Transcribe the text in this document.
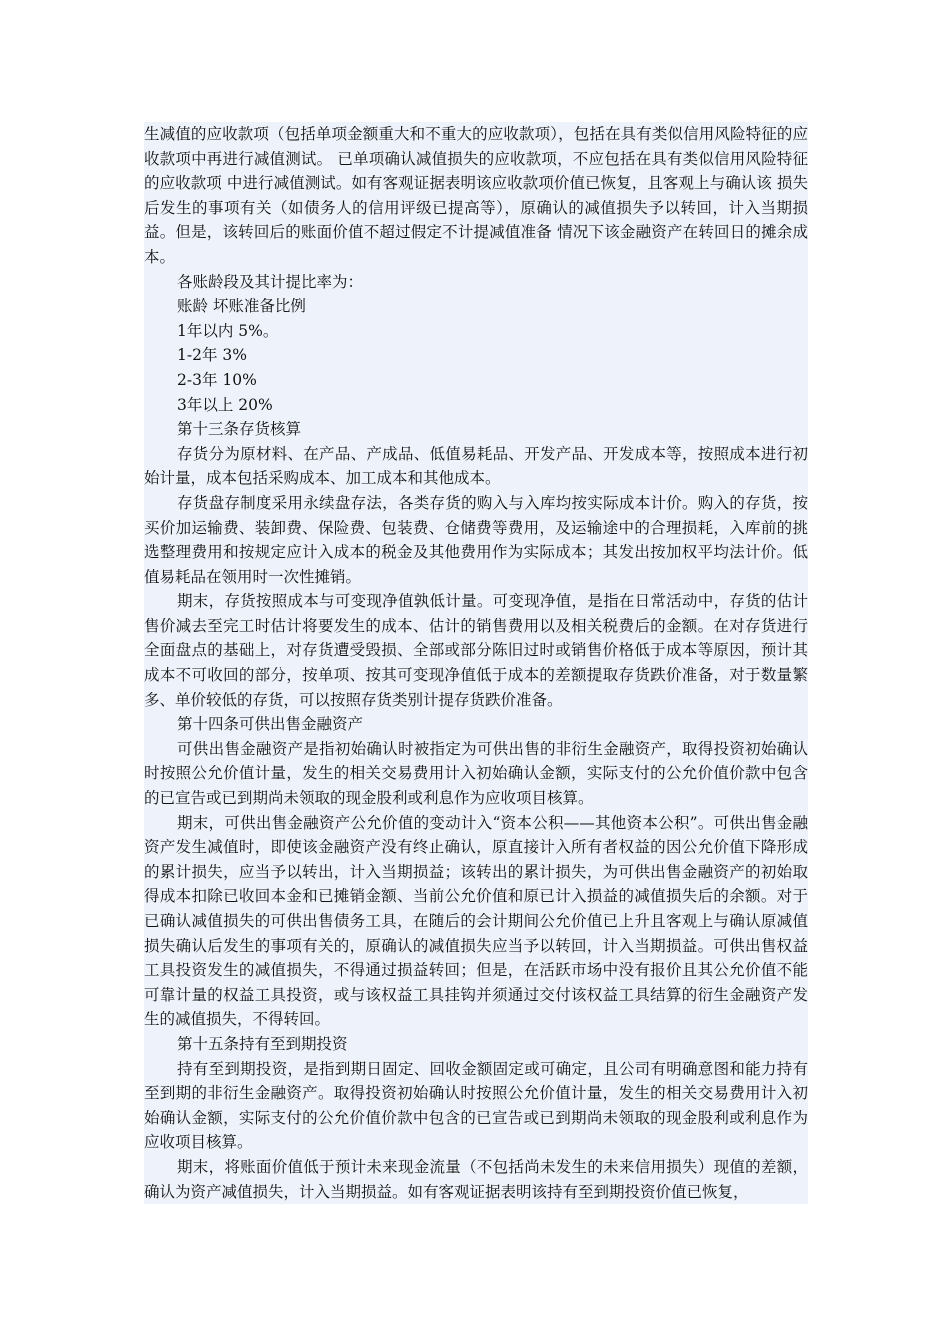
生减值的应收款项（包括单项金额重大和不重大的应收款项），包括在具有类似信用风险特征的应收款项中再进行减值测试。 已单项确认减值损失的应收款项，不应包括在具有类似信用风险特征的应收款项 中进行减值测试。如有客观证据表明该应收款项价值已恢复，且客观上与确认该 损失后发生的事项有关（如债务人的信用评级已提高等），原确认的减值损失予以转回，计入当期损益。但是，该转回后的账面价值不超过假定不计提减值准备 情况下该金融资产在转回日的摊余成本。

各账龄段及其计提比率为：

账龄 坏账准备比例

1年以内 5%。

1-2年 3%

2-3年 10%

3年以上 20%

第十三条存货核算

存货分为原材料、在产品、产成品、低值易耗品、开发产品、开发成本等，按照成本进行初始计量，成本包括采购成本、加工成本和其他成本。

存货盘存制度采用永续盘存法，各类存货的购入与入库均按实际成本计价。购入的存货，按买价加运输费、装卸费、保险费、包装费、仓储费等费用，及运输途中的合理损耗，入库前的挑选整理费用和按规定应计入成本的税金及其他费用作为实际成本；其发出按加权平均法计价。低值易耗品在领用时一次性摊销。

期末，存货按照成本与可变现净值孰低计量。可变现净值，是指在日常活动中，存货的估计售价减去至完工时估计将要发生的成本、估计的销售费用以及相关税费后的金额。在对存货进行全面盘点的基础上，对存货遭受毁损、全部或部分陈旧过时或销售价格低于成本等原因，预计其成本不可收回的部分，按单项、按其可变现净值低于成本的差额提取存货跌价准备，对于数量繁多、单价较低的存货，可以按照存货类别计提存货跌价准备。

第十四条可供出售金融资产

可供出售金融资产是指初始确认时被指定为可供出售的非衍生金融资产，取得投资初始确认时按照公允价值计量，发生的相关交易费用计入初始确认金额，实际支付的公允价值价款中包含的已宣告或已到期尚未领取的现金股利或利息作为应收项目核算。

期末，可供出售金融资产公允价值的变动计入“资本公积——其他资本公积”。可供出售金融资产发生减值时，即使该金融资产没有终止确认，原直接计入所有者权益的因公允价值下降形成的累计损失，应当予以转出，计入当期损益；该转出的累计损失，为可供出售金融资产的初始取得成本扣除已收回本金和已摊销金额、当前公允价值和原已计入损益的减值损失后的余额。对于已确认减值损失的可供出售债务工具，在随后的会计期间公允价值已上升且客观上与确认原减值损失确认后发生的事项有关的，原确认的减值损失应当予以转回，计入当期损益。可供出售权益工具投资发生的减值损失，不得通过损益转回；但是，在活跃市场中没有报价且其公允价值不能可靠计量的权益工具投资，或与该权益工具挂钩并须通过交付该权益工具结算的衍生金融资产发生的减值损失，不得转回。

第十五条持有至到期投资

持有至到期投资，是指到期日固定、回收金额固定或可确定，且公司有明确意图和能力持有至到期的非衍生金融资产。取得投资初始确认时按照公允价值计量，发生的相关交易费用计入初始确认金额，实际支付的公允价值价款中包含的已宣告或已到期尚未领取的现金股利或利息作为应收项目核算。

期末，将账面价值低于预计未来现金流量（不包括尚未发生的未来信用损失）现值的差额，确认为资产减值损失，计入当期损益。如有客观证据表明该持有至到期投资价值已恢复，
